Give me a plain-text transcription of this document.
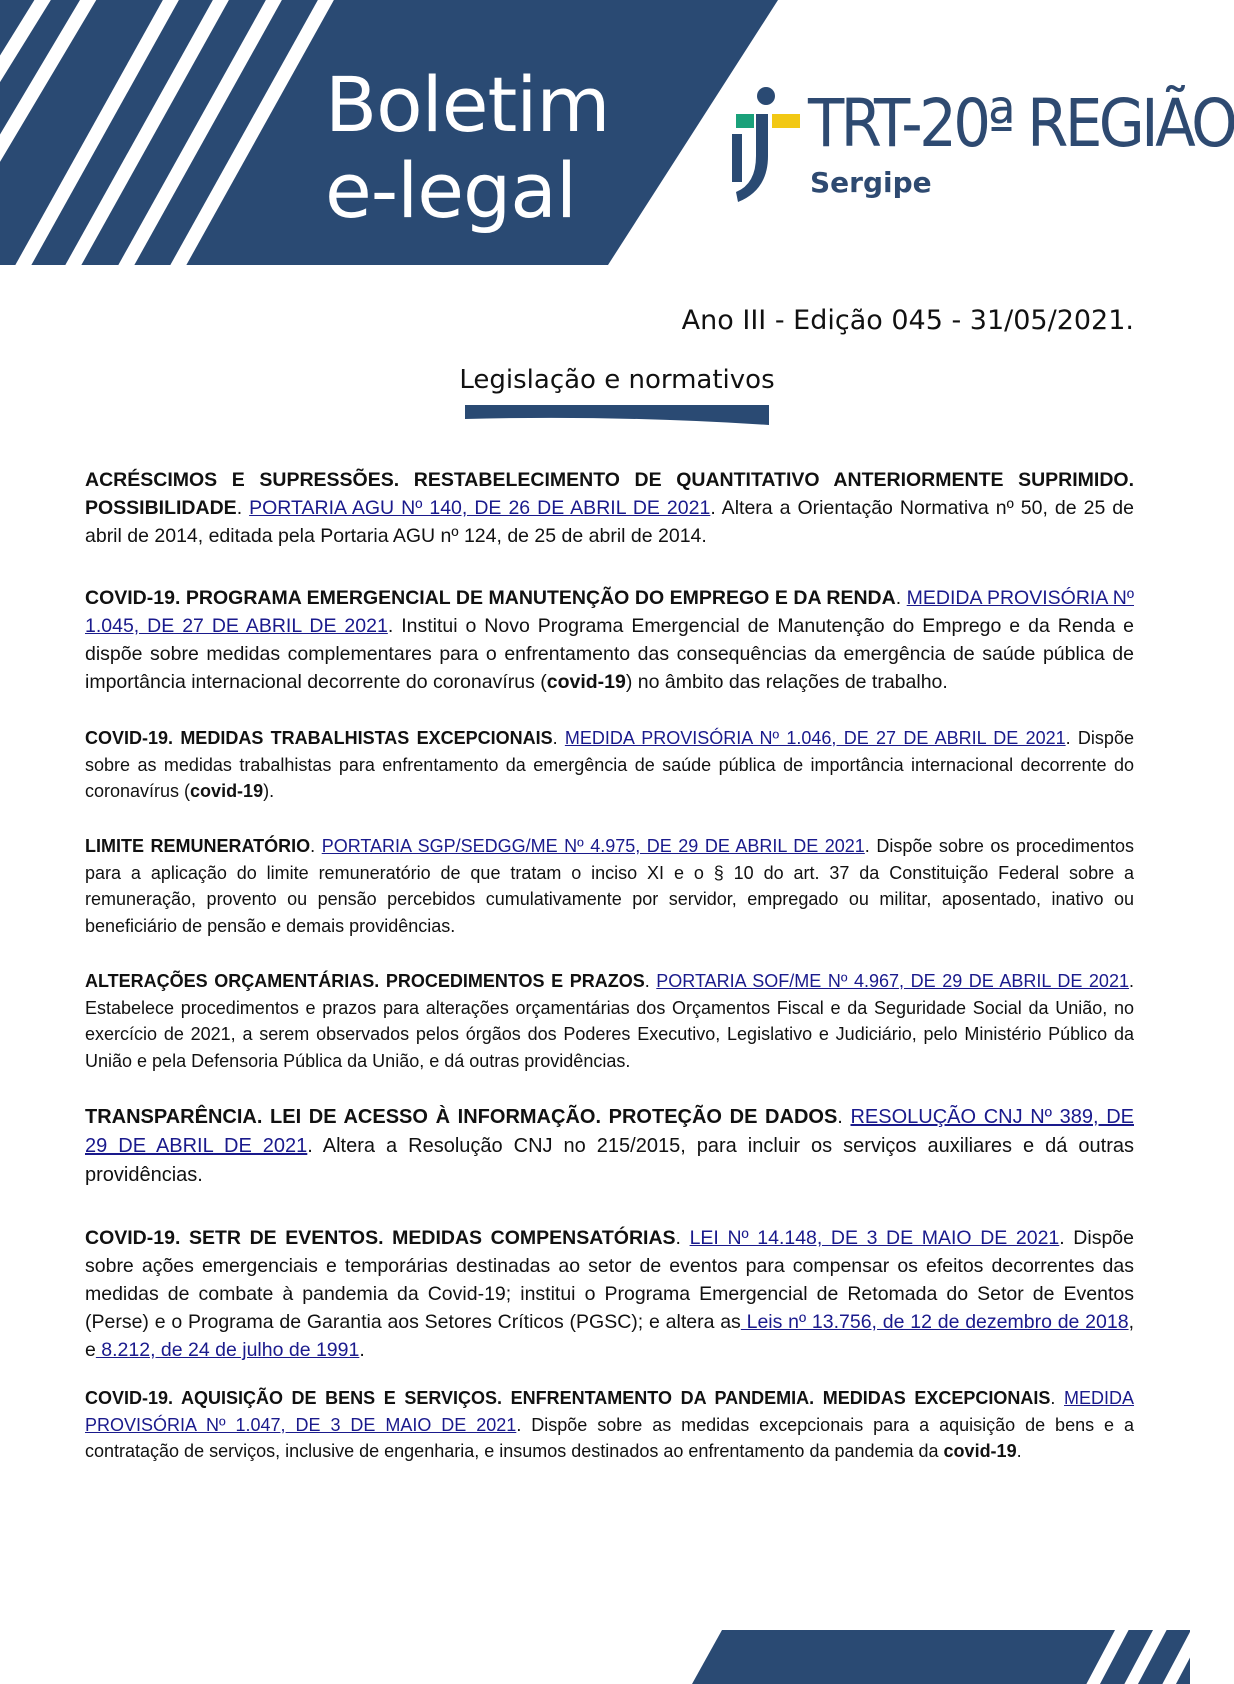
Boletim
e-legal
TRT-20ª REGIÃO
Sergipe
Ano III - Edição 045 - 31/05/2021.
Legislação e normativos

ACRÉSCIMOS E SUPRESSÕES. RESTABELECIMENTO DE QUANTITATIVO ANTERIORMENTE SUPRIMIDO. POSSIBILIDADE. PORTARIA AGU Nº 140, DE 26 DE ABRIL DE 2021. Altera a Orientação Normativa nº 50, de 25 de abril de 2014, editada pela Portaria AGU nº 124, de 25 de abril de 2014.

COVID-19. PROGRAMA EMERGENCIAL DE MANUTENÇÃO DO EMPREGO E DA RENDA. MEDIDA PROVISÓRIA Nº 1.045, DE 27 DE ABRIL DE 2021. Institui o Novo Programa Emergencial de Manutenção do Emprego e da Renda e dispõe sobre medidas complementares para o enfrentamento das consequências da emergência de saúde pública de importância internacional decorrente do coronavírus (covid-19) no âmbito das relações de trabalho.

COVID-19. MEDIDAS TRABALHISTAS EXCEPCIONAIS. MEDIDA PROVISÓRIA Nº 1.046, DE 27 DE ABRIL DE 2021. Dispõe sobre as medidas trabalhistas para enfrentamento da emergência de saúde pública de importância internacional decorrente do coronavírus (covid-19).

LIMITE REMUNERATÓRIO. PORTARIA SGP/SEDGG/ME Nº 4.975, DE 29 DE ABRIL DE 2021. Dispõe sobre os procedimentos para a aplicação do limite remuneratório de que tratam o inciso XI e o § 10 do art. 37 da Constituição Federal sobre a remuneração, provento ou pensão percebidos cumulativamente por servidor, empregado ou militar, aposentado, inativo ou beneficiário de pensão e demais providências.

ALTERAÇÕES ORÇAMENTÁRIAS. PROCEDIMENTOS E PRAZOS. PORTARIA SOF/ME Nº 4.967, DE 29 DE ABRIL DE 2021. Estabelece procedimentos e prazos para alterações orçamentárias dos Orçamentos Fiscal e da Seguridade Social da União, no exercício de 2021, a serem observados pelos órgãos dos Poderes Executivo, Legislativo e Judiciário, pelo Ministério Público da União e pela Defensoria Pública da União, e dá outras providências.

TRANSPARÊNCIA. LEI DE ACESSO À INFORMAÇÃO. PROTEÇÃO DE DADOS. RESOLUÇÃO CNJ Nº 389, DE 29 DE ABRIL DE 2021. Altera a Resolução CNJ no 215/2015, para incluir os serviços auxiliares e dá outras providências.

COVID-19. SETR DE EVENTOS. MEDIDAS COMPENSATÓRIAS. LEI Nº 14.148, DE 3 DE MAIO DE 2021. Dispõe sobre ações emergenciais e temporárias destinadas ao setor de eventos para compensar os efeitos decorrentes das medidas de combate à pandemia da Covid-19; institui o Programa Emergencial de Retomada do Setor de Eventos (Perse) e o Programa de Garantia aos Setores Críticos (PGSC); e altera as Leis nº 13.756, de 12 de dezembro de 2018, e 8.212, de 24 de julho de 1991.

COVID-19. AQUISIÇÃO DE BENS E SERVIÇOS. ENFRENTAMENTO DA PANDEMIA. MEDIDAS EXCEPCIONAIS. MEDIDA PROVISÓRIA Nº 1.047, DE 3 DE MAIO DE 2021. Dispõe sobre as medidas excepcionais para a aquisição de bens e a contratação de serviços, inclusive de engenharia, e insumos destinados ao enfrentamento da pandemia da covid-19.
